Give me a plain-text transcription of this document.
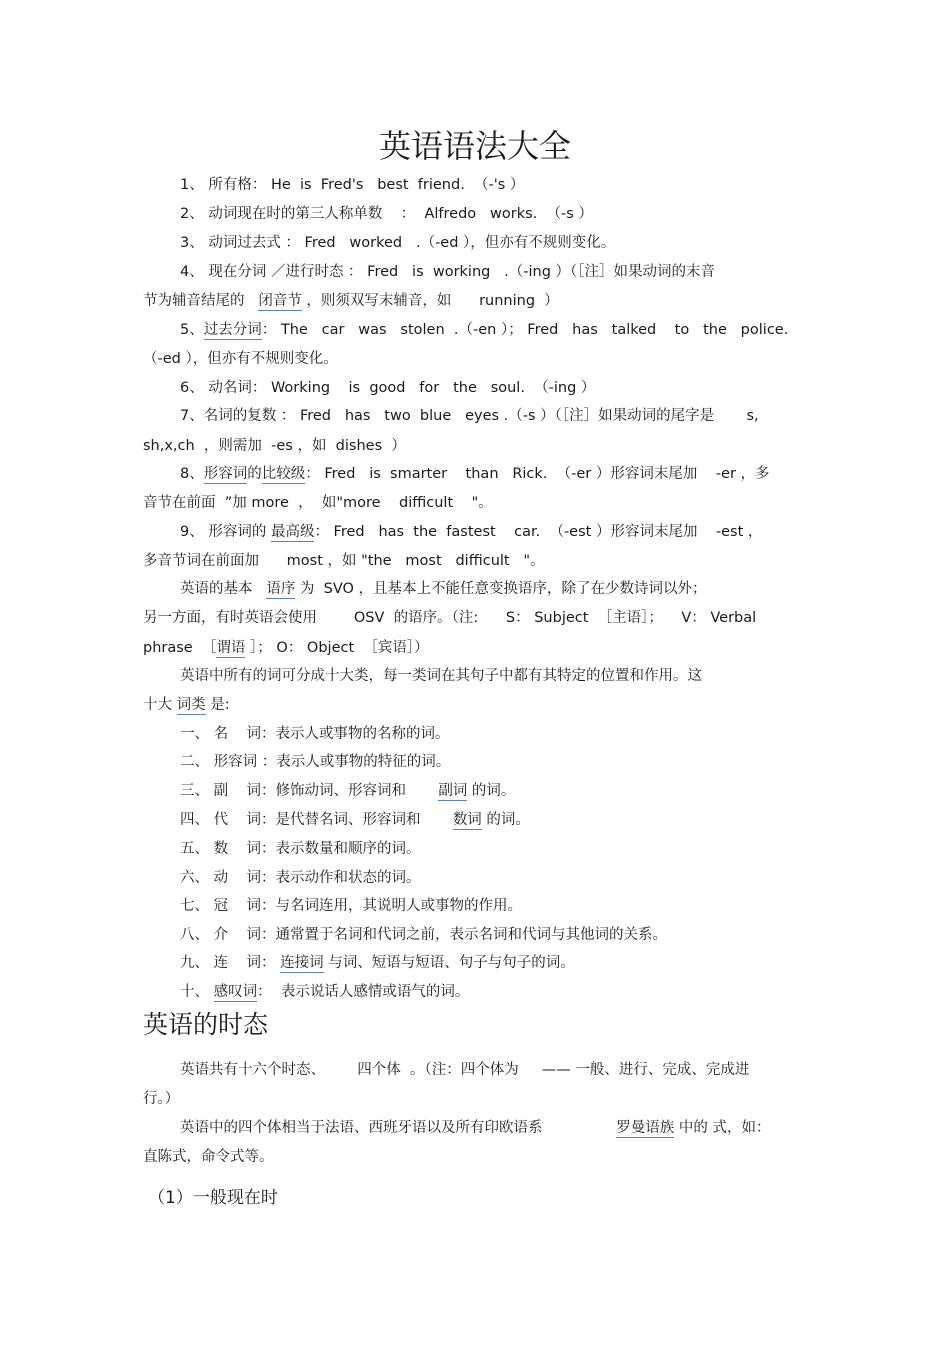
英语语法大全
1、 所有格： He  is  Fred's   best  friend.  （-'s ）
2、 动词现在时的第三人称单数    ：  Alfredo   works.  （-s ）
3、 动词过去式 ： Fred   worked   .（-ed ），但亦有不规则变化。
4、 现在分词 ／进行时态 ： Fred   is  working   .（-ing ）（［注］如果动词的末音
节为辅音结尾的   闭音节 ，则须双写末辅音，如      running  ）
5、过去分词： The   car   was   stolen  .（-en ）； Fred   has   talked    to   the   police.
（-ed ），但亦有不规则变化。
6、 动名词： Working    is  good   for   the   soul.  （-ing ）
7、名词的复数 ： Fred   has   two  blue   eyes .（-s ）（［注］如果动词的尾字是       s,
sh,x,ch  ，则需加  -es ，如  dishes  ）
8、形容词的比较级： Fred   is  smarter    than   Rick.  （-er ）形容词末尾加    -er ，多
音节在前面  ”加 more  ，  如"more    difficult    "。
9、 形容词的 最高级： Fred   has  the  fastest    car.  （-est ）形容词末尾加    -est ，
多音节词在前面加      most ，如 "the   most   difficult   "。
英语的基本   语序 为  SVO ，且基本上不能任意变换语序，除了在少数诗词以外；
另一方面，有时英语会使用        OSV  的语序。（注:      S： Subject  ［主语］；    V： Verbal
phrase  ［谓语 ］； O： Object  ［宾语］）
英语中所有的词可分成十大类，每一类词在其句子中都有其特定的位置和作用。这
十大 词类 是:
一、 名    词：表示人或事物的名称的词。
二、 形容词 ：表示人或事物的特征的词。
三、 副    词：修饰动词、形容词和       副词 的词。
四、 代    词：是代替名词、形容词和       数词 的词。
五、 数    词：表示数量和顺序的词。
六、 动    词：表示动作和状态的词。
七、 冠    词：与名词连用，其说明人或事物的作用。
八、 介    词：通常置于名词和代词之前，表示名词和代词与其他词的关系。
九、 连    词： 连接词 与词、短语与短语、句子与句子的词。
十、 感叹词：  表示说话人感情或语气的词。
英语共有十六个时态、       四个体  。（注：四个体为     —— 一般、进行、完成、完成进
行。）
英语中的四个体相当于法语、西班牙语以及所有印欧语系                罗曼语族 中的 式，如：
直陈式，命令式等。
英语的时态
（1）一般现在时
